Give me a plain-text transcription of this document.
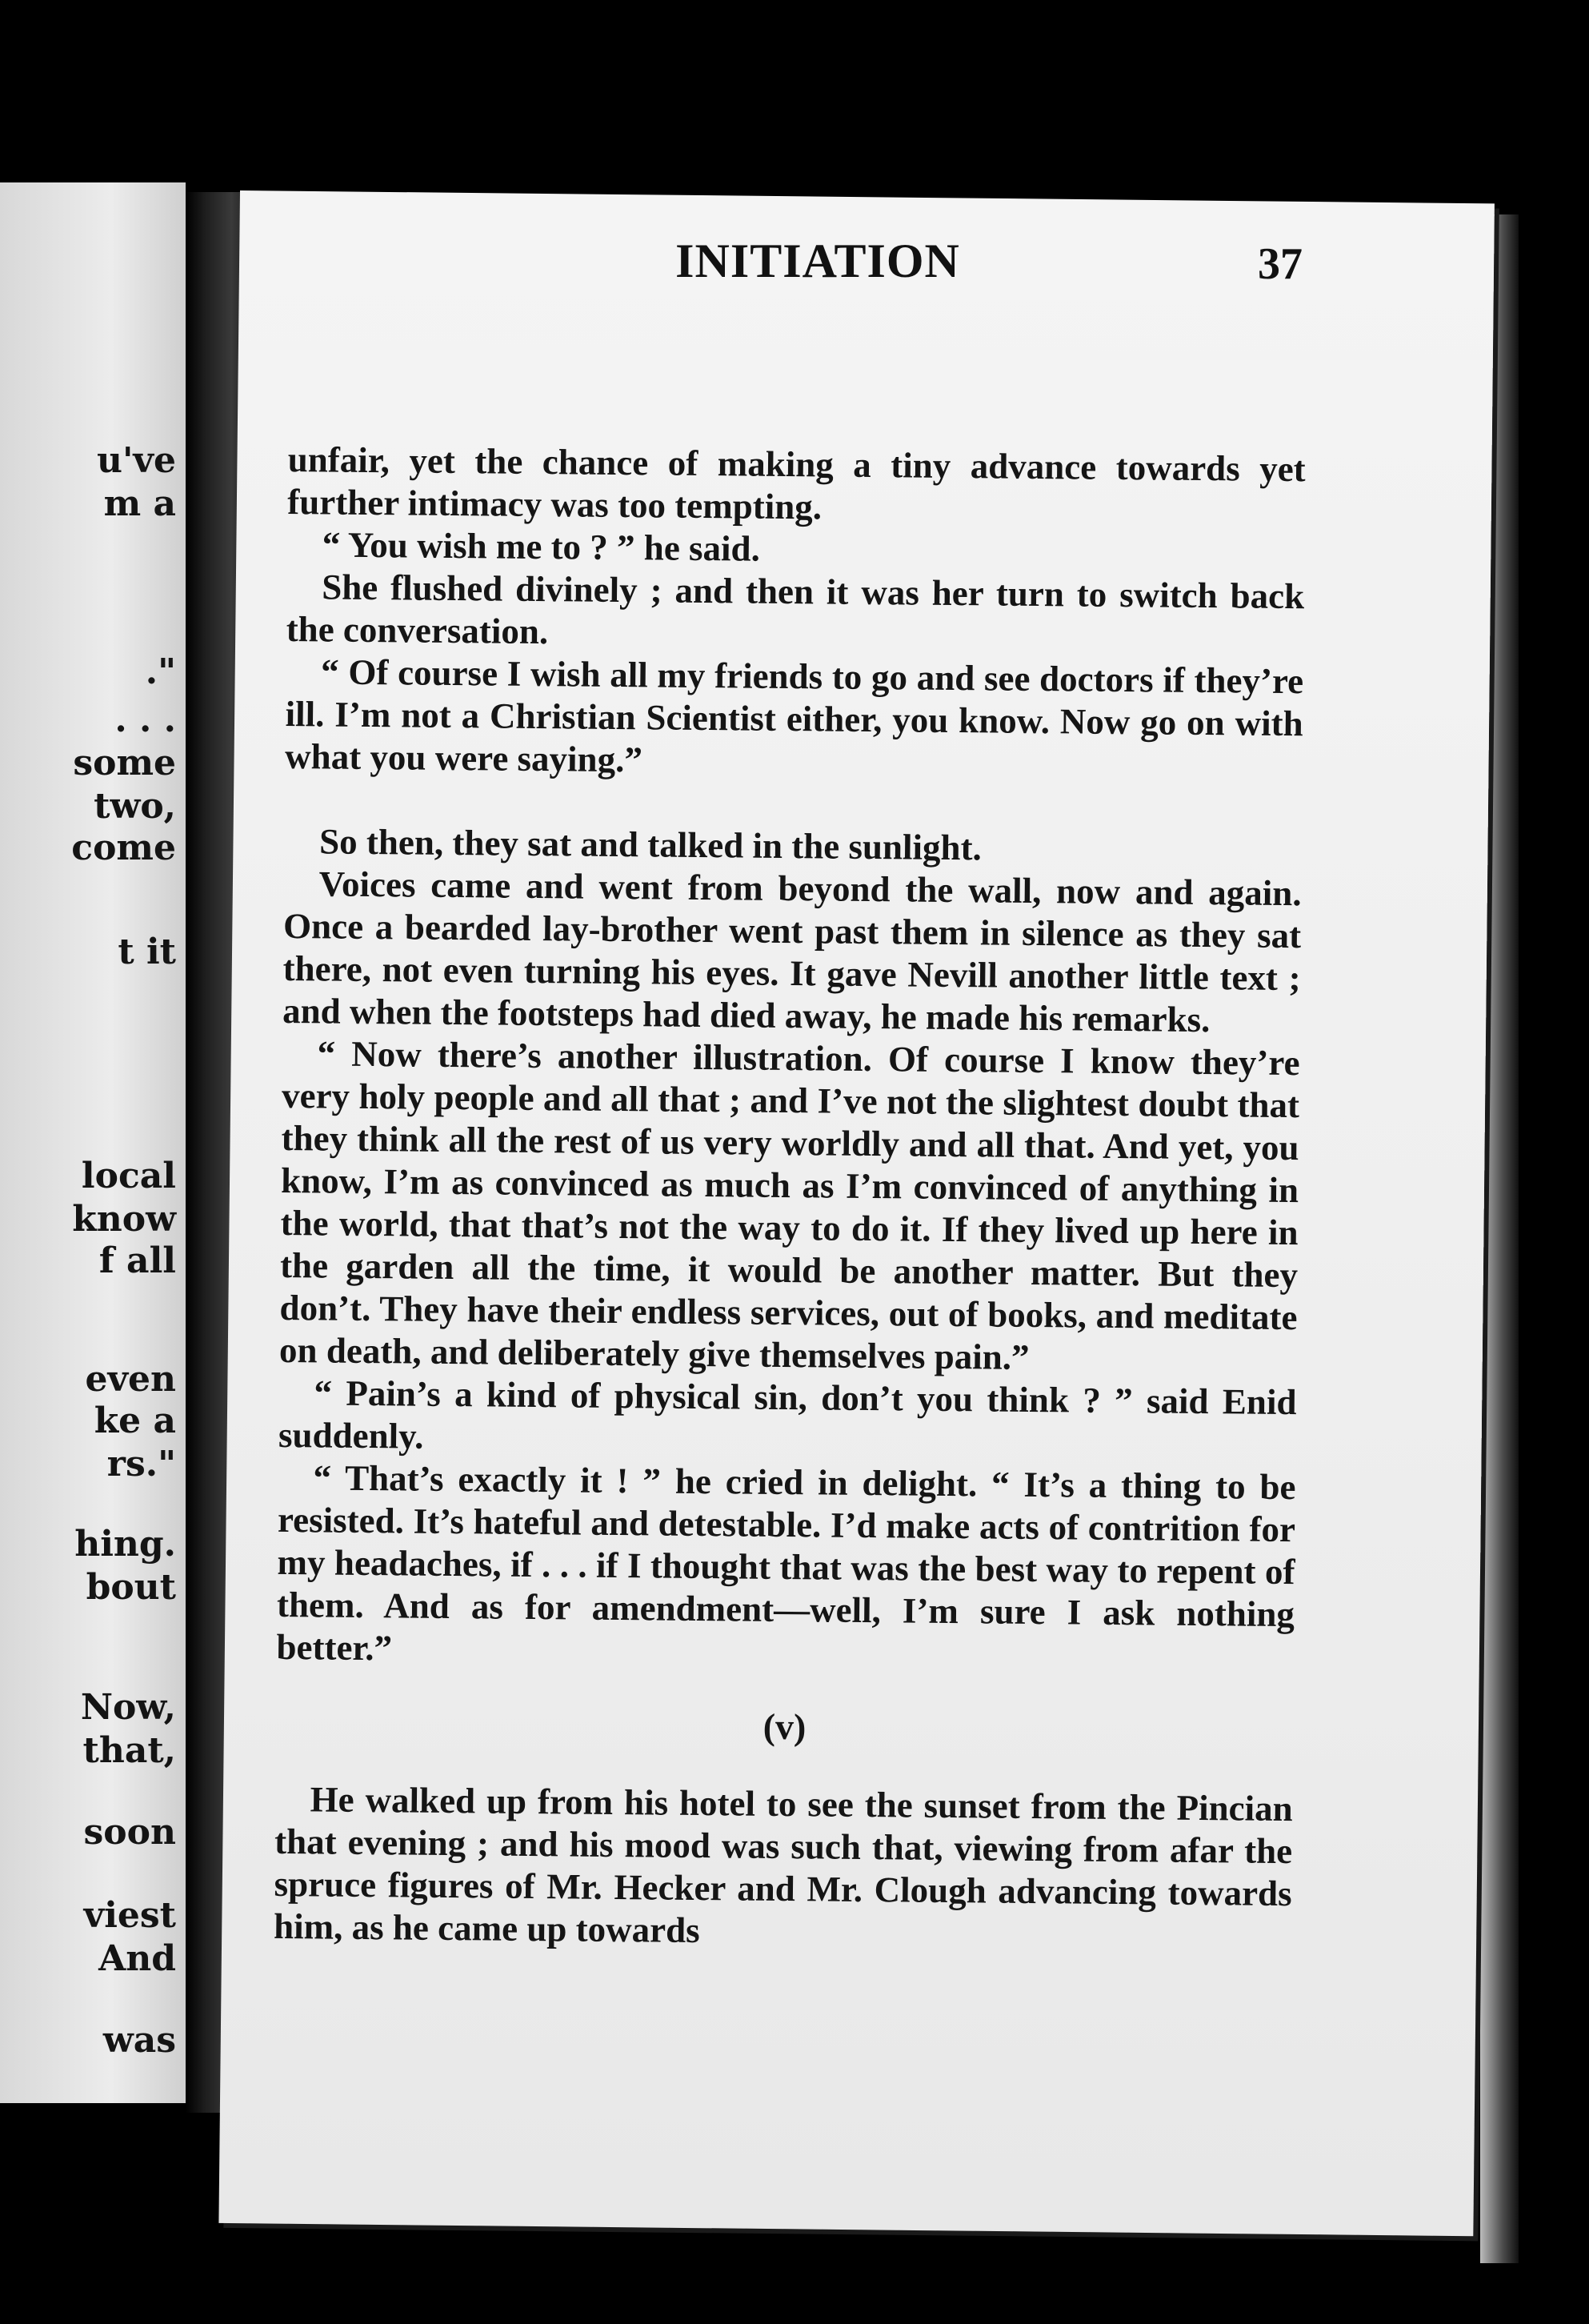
u've
m a
."
. . .
some
two,
come
t it
local
know
f all
even
ke a
rs."
hing.
bout
Now,
that,
soon
viest
And
was
INITIATION	37

unfair, yet the chance of making a tiny advance towards yet further intimacy was too tempting.

“ You wish me to ? ” he said.

She flushed divinely ; and then it was her turn to switch back the conversation.

“ Of course I wish all my friends to go and see doctors if they’re ill. I’m not a Christian Scientist either, you know. Now go on with what you were saying.”

So then, they sat and talked in the sunlight.

Voices came and went from beyond the wall, now and again. Once a bearded lay-brother went past them in silence as they sat there, not even turning his eyes. It gave Nevill another little text ; and when the footsteps had died away, he made his remarks.

“ Now there’s another illustration. Of course I know they’re very holy people and all that ; and I’ve not the slightest doubt that they think all the rest of us very worldly and all that. And yet, you know, I’m as convinced as much as I’m convinced of anything in the world, that that’s not the way to do it. If they lived up here in the garden all the time, it would be another matter. But they don’t. They have their endless services, out of books, and meditate on death, and deliberately give themselves pain.”

“ Pain’s a kind of physical sin, don’t you think ? ” said Enid suddenly.

“ That’s exactly it ! ” he cried in delight. “ It’s a thing to be resisted. It’s hateful and detestable. I’d make acts of contrition for my headaches, if . . . if I thought that was the best way to repent of them. And as for amendment—well, I’m sure I ask nothing better.”

(v)

He walked up from his hotel to see the sunset from the Pincian that evening ; and his mood was such that, viewing from afar the spruce figures of Mr. Hecker and Mr. Clough advancing towards him, as he came up towards
